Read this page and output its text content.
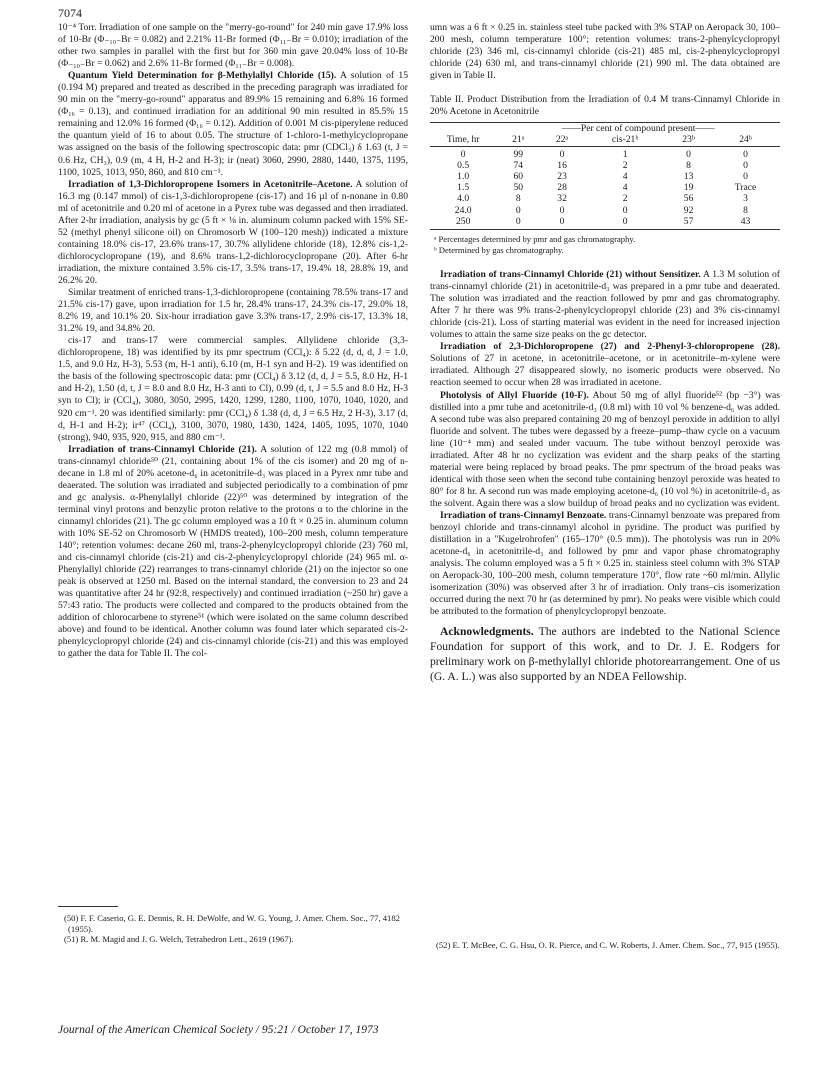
7074

10⁻⁴ Torr. Irradiation of one sample on the "merry-go-round" for 240 min gave 17.9% loss of 10-Br (Φ₋₁₀₋Br = 0.082) and 2.21% 11-Br formed (Φ₁₁₋Br = 0.010); irradiation of the other two samples in parallel with the first but for 360 min gave 20.04% loss of 10-Br (Φ₋₁₀₋Br = 0.062) and 2.6% 11-Br formed (Φ₁₁₋Br = 0.008).

Quantum Yield Determination for β-Methylallyl Chloride (15). A solution of 15 (0.194 M) prepared and treated as described in the preceding paragraph was irradiated for 90 min on the "merry-go-round" apparatus and 89.9% 15 remaining and 6.8% 16 formed (Φ₁₆ = 0.13), and continued irradiation for an additional 90 min resulted in 85.5% 15 remaining and 12.0% 16 formed (Φ₁₆ = 0.12). Addition of 0.001 M cis-piperylene reduced the quantum yield of 16 to about 0.05. The structure of 1-chloro-1-methylcyclopropane was assigned on the basis of the following spectroscopic data: pmr (CDCl₃) δ 1.63 (t, J = 0.6 Hz, CH₃), 0.9 (m, 4 H, H-2 and H-3); ir (neat) 3060, 2990, 2880, 1440, 1375, 1195, 1100, 1025, 1013, 950, 860, and 810 cm⁻¹.

Irradiation of 1,3-Dichloropropene Isomers in Acetonitrile–Acetone. A solution of 16.3 mg (0.147 mmol) of cis-1,3-dichloropropene (cis-17) and 16 µl of n-nonane in 0.80 ml of acetonitrile and 0.20 ml of acetone in a Pyrex tube was degassed and then irradiated. After 2-hr irradiation, analysis by gc (5 ft × ⅛ in. aluminum column packed with 15% SE-52 (methyl phenyl silicone oil) on Chromosorb W (100–120 mesh)) indicated a mixture containing 18.0% cis-17, 23.6% trans-17, 30.7% allylidene chloride (18), 12.8% cis-1,2-dichlorocyclopropane (19), and 8.6% trans-1,2-dichlorocyclopropane (20). After 6-hr irradiation, the mixture contained 3.5% cis-17, 3.5% trans-17, 19.4% 18, 28.8% 19, and 26.2% 20.

Similar treatment of enriched trans-1,3-dichloropropene (containing 78.5% trans-17 and 21.5% cis-17) gave, upon irradiation for 1.5 hr, 28.4% trans-17, 24.3% cis-17, 29.0% 18, 8.2% 19, and 10.1% 20. Six-hour irradiation gave 3.3% trans-17, 2.9% cis-17, 13.3% 18, 31.2% 19, and 34.8% 20.

cis-17 and trans-17 were commercial samples. Allylidene chloride (3,3-dichloropropene, 18) was identified by its pmr spectrum (CCl₄): δ 5.22 (d, d, d, J = 1.0, 1.5, and 9.0 Hz, H-3), 5.53 (m, H-1 anti), 6.10 (m, H-1 syn and H-2). 19 was identified on the basis of the following spectroscopic data: pmr (CCl₄) δ 3.12 (d, d, J = 5.5, 8.0 Hz, H-1 and H-2), 1.50 (d, t, J = 8.0 and 8.0 Hz, H-3 anti to Cl), 0.99 (d, t, J = 5.5 and 8.0 Hz, H-3 syn to Cl); ir (CCl₄), 3080, 3050, 2995, 1420, 1299, 1280, 1100, 1070, 1040, 1020, and 920 cm⁻¹. 20 was identified similarly: pmr (CCl₄) δ 1.38 (d, d, J = 6.5 Hz, 2 H-3), 3.17 (d, d, H-1 and H-2); ir⁴⁷ (CCl₄), 3100, 3070, 1980, 1430, 1424, 1405, 1095, 1070, 1040 (strong), 940, 935, 920, 915, and 880 cm⁻¹.

Irradiation of trans-Cinnamyl Chloride (21). A solution of 122 mg (0.8 mmol) of trans-cinnamyl chloride⁵⁰ (21, containing about 1% of the cis isomer) and 20 mg of n-decane in 1.8 ml of 20% acetone-d₆ in acetonitrile-d₃ was placed in a Pyrex nmr tube and deaerated. The solution was irradiated and subjected periodically to a combination of pmr and gc analysis. α-Phenylallyl chloride (22)⁵⁰ was determined by integration of the terminal vinyl protons and benzylic proton relative to the protons α to the chlorine in the cinnamyl chlorides (21). The gc column employed was a 10 ft × 0.25 in. aluminum column with 10% SE-52 on Chromosorb W (HMDS treated), 100–200 mesh, column temperature 140°; retention volumes: decane 260 ml, trans-2-phenylcyclopropyl chloride (23) 760 ml, and cis-cinnamyl chloride (cis-21) and cis-2-phenylcyclopropyl chloride (24) 965 ml. α-Phenylallyl chloride (22) rearranges to trans-cinnamyl chloride (21) on the injector so one peak is observed at 1250 ml. Based on the internal standard, the conversion to 23 and 24 was quantitative after 24 hr (92:8, respectively) and continued irradiation (~250 hr) gave a 57:43 ratio. The products were collected and compared to the products obtained from the addition of chlorocarbene to styrene⁵¹ (which were isolated on the same column described above) and found to be identical. Another column was found later which separated cis-2-phenylcyclopropyl chloride (24) and cis-cinnamyl chloride (cis-21) and this was employed to gather the data for Table II. The col-

umn was a 6 ft × 0.25 in. stainless steel tube packed with 3% STAP on Aeropack 30, 100–200 mesh, column temperature 100°; retention volumes: trans-2-phenylcyclopropyl chloride (23) 346 ml, cis-cinnamyl chloride (cis-21) 485 ml, cis-2-phenylcyclopropyl chloride (24) 630 ml, and trans-cinnamyl chloride (21) 990 ml. The data obtained are given in Table II.

Table II. Product Distribution from the Irradiation of 0.4 M trans-Cinnamyl Chloride in 20% Acetone in Acetonitrile

	——Per cent of compound present——				
Time, hr	21ᵃ	22ᵃ	cis-21ᵇ	23ᵇ	24ᵇ
0	99	0	1	0	0
0.5	74	16	2	8	0
1.0	60	23	4	13	0
1.5	50	28	4	19	Trace
4.0	8	32	2	56	3
24.0	0	0	0	92	8
250	0	0	0	57	43

ᵃ Percentages determined by pmr and gas chromatography.

ᵇ Determined by gas chromatography.

Irradiation of trans-Cinnamyl Chloride (21) without Sensitizer. A 1.3 M solution of trans-cinnamyl chloride (21) in acetonitrile-d₃ was prepared in a pmr tube and deaerated. The solution was irradiated and the reaction followed by pmr and gas chromatography. After 7 hr there was 9% trans-2-phenylcyclopropyl chloride (23) and 3% cis-cinnamyl chloride (cis-21). Loss of starting material was evident in the need for increased injection volumes to attain the same size peaks on the gc detector.

Irradiation of 2,3-Dichloropropene (27) and 2-Phenyl-3-chloropropene (28). Solutions of 27 in acetone, in acetonitrile–acetone, or in acetonitrile–m-xylene were irradiated. Although 27 disappeared slowly, no isomeric products were observed. No reaction seemed to occur when 28 was irradiated in acetone.

Photolysis of Allyl Fluoride (10-F). About 50 mg of allyl fluoride⁵² (bp −3°) was distilled into a pmr tube and acetonitrile-d₃ (0.8 ml) with 10 vol % benzene-d₆ was added. A second tube was also prepared containing 20 mg of benzoyl peroxide in addition to allyl fluoride and solvent. The tubes were degassed by a freeze–pump–thaw cycle on a vacuum line (10⁻⁴ mm) and sealed under vacuum. The tube without benzoyl peroxide was irradiated. After 48 hr no cyclization was evident and the sharp peaks of the starting material were being replaced by broad peaks. The pmr spectrum of the broad peaks was identical with those seen when the second tube containing benzoyl peroxide was heated to 80° for 8 hr. A second run was made employing acetone-d₆ (10 vol %) in acetonitrile-d₃ as the solvent. Again there was a slow buildup of broad peaks and no cyclization was evident.

Irradiation of trans-Cinnamyl Benzoate. trans-Cinnamyl benzoate was prepared from benzoyl chloride and trans-cinnamyl alcohol in pyridine. The product was purified by distillation in a "Kugelrohrofen" (165–170° (0.5 mm)). The photolysis was run in 20% acetone-d₆ in acetonitrile-d₃ and followed by pmr and vapor phase chromatography analysis. The column employed was a 5 ft × 0.25 in. stainless steel column with 3% STAP on Aeropack-30, 100–200 mesh, column temperature 170°, flow rate ~60 ml/min. Allylic isomerization (30%) was observed after 3 hr of irradiation. Only trans–cis isomerization occurred during the next 70 hr (as determined by pmr). No peaks were visible which could be attributed to the formation of phenylcyclopropyl benzoate.

Acknowledgments. The authors are indebted to the National Science Foundation for support of this work, and to Dr. J. E. Rodgers for preliminary work on β-methylallyl chloride photorearrangement. One of us (G. A. L.) was also supported by an NDEA Fellowship.

(50) F. F. Caserio, G. E. Dennis, R. H. DeWolfe, and W. G. Young, J. Amer. Chem. Soc., 77, 4182 (1955).

(51) R. M. Magid and J. G. Welch, Tetrahedron Lett., 2619 (1967).

(52) E. T. McBee, C. G. Hsu, O. R. Pierce, and C. W. Roberts, J. Amer. Chem. Soc., 77, 915 (1955).

Journal of the American Chemical Society / 95:21 / October 17, 1973
